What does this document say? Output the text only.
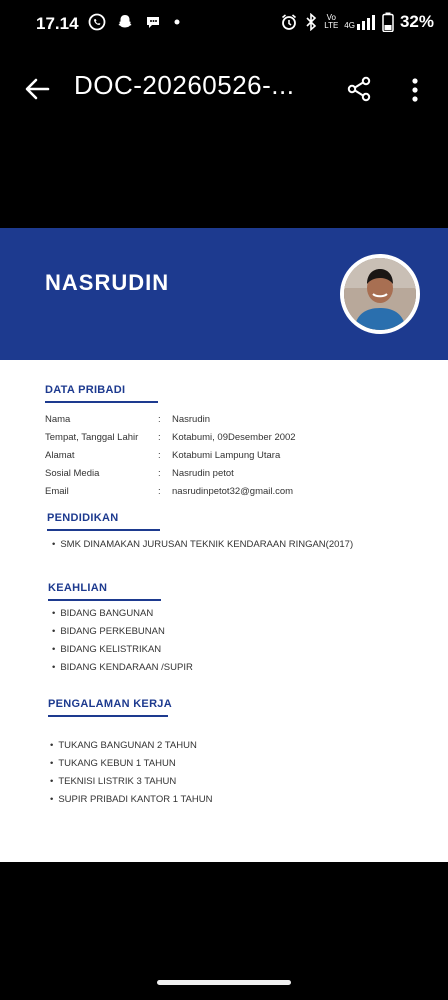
17.14	Vo LTE 4G	32%
DOC-20260526-...
NASRUDIN
DATA PRIBADI
Nama	:	Nasrudin
Tempat, Tanggal Lahir	:	Kotabumi, 09Desember 2002
Alamat	:	Kotabumi Lampung Utara
Sosial Media	:	Nasrudin petot
Email	:	nasrudinpetot32@gmail.com
PENDIDIKAN
• SMK DINAMAKAN JURUSAN TEKNIK KENDARAAN RINGAN(2017)
KEAHLIAN
• BIDANG BANGUNAN
• BIDANG PERKEBUNAN
• BIDANG KELISTRIKAN
• BIDANG KENDARAAN /SUPIR
PENGALAMAN KERJA
• TUKANG BANGUNAN 2 TAHUN
• TUKANG KEBUN 1 TAHUN
• TEKNISI LISTRIK 3 TAHUN
• SUPIR PRIBADI KANTOR 1 TAHUN
